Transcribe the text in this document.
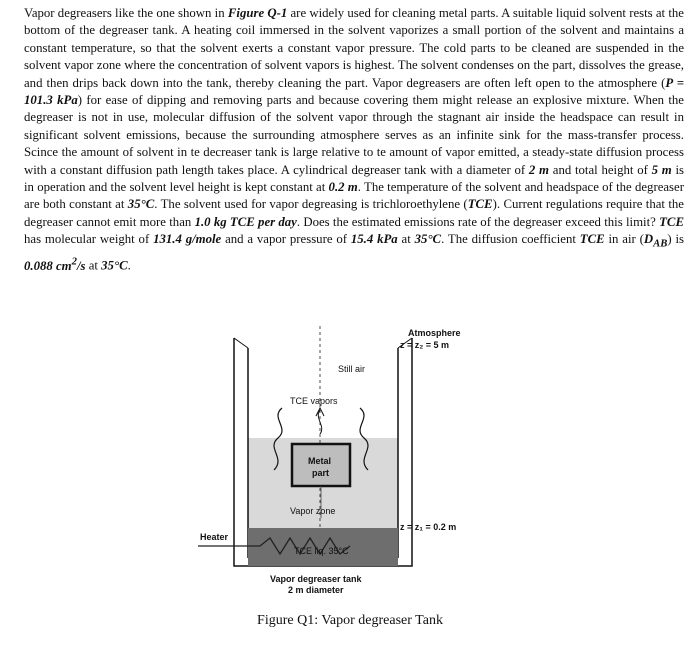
Vapor degreasers like the one shown in Figure Q-1 are widely used for cleaning metal parts. A suitable liquid solvent rests at the bottom of the degreaser tank. A heating coil immersed in the solvent vaporizes a small portion of the solvent and maintains a constant temperature, so that the solvent exerts a constant vapor pressure. The cold parts to be cleaned are suspended in the solvent vapor zone where the concentration of solvent vapors is highest. The solvent condenses on the part, dissolves the grease, and then drips back down into the tank, thereby cleaning the part. Vapor degreasers are often left open to the atmosphere (P = 101.3 kPa) for ease of dipping and removing parts and because covering them might release an explosive mixture. When the degreaser is not in use, molecular diffusion of the solvent vapor through the stagnant air inside the headspace can result in significant solvent emissions, because the surrounding atmosphere serves as an infinite sink for the mass-transfer process. Scince the amount of solvent in te decreaser tank is large relative to te amount of vapor emitted, a steady-state diffusion process with a constant diffusion path length takes place. A cylindrical degreaser tank with a diameter of 2 m and total height of 5 m is in operation and the solvent level height is kept constant at 0.2 m. The temperature of the solvent and headspace of the degreaser are both constant at 35°C. The solvent used for vapor degreasing is trichloroethylene (TCE). Current regulations require that the degreaser cannot emit more than 1.0 kg TCE per day. Does the estimated emissions rate of the degreaser exceed this limit? TCE has molecular weight of 131.4 g/mole and a vapor pressure of 15.4 kPa at 35°C. The diffusion coefficient TCE in air $(D_{AB})$ is 0.088 $cm^2/s$ at 35°C.
Atmosphere
z = z₂ = 5 m
Still air
TCE vapors
Metal
part
Vapor zone
TCE liq. 35°C
Heater
z = z₁ = 0.2 m
Vapor degreaser tank
2 m diameter
Figure Q1: Vapor degreaser Tank
